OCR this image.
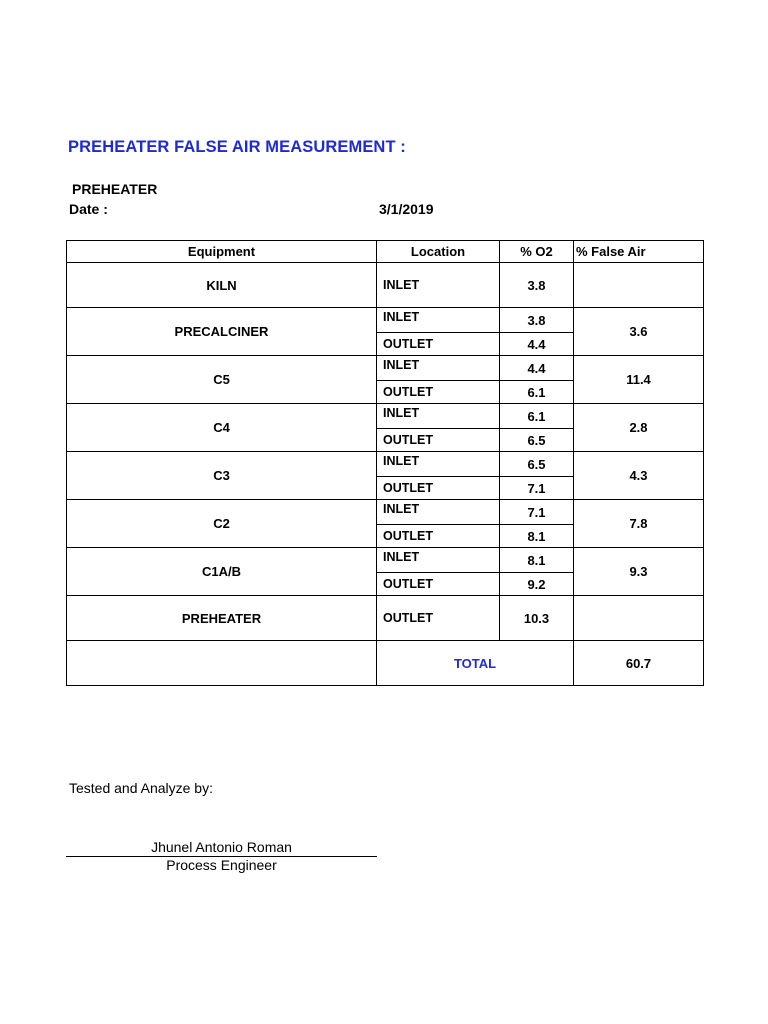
PREHEATER FALSE AIR MEASUREMENT :
PREHEATER
Date :	3/1/2019
Equipment	Location	% O2	% False Air
KILN	INLET	3.8	
PRECALCINER	INLET	3.8	3.6
	OUTLET	4.4	
C5	INLET	4.4	11.4
	OUTLET	6.1	
C4	INLET	6.1	2.8
	OUTLET	6.5	
C3	INLET	6.5	4.3
	OUTLET	7.1	
C2	INLET	7.1	7.8
	OUTLET	8.1	
C1A/B	INLET	8.1	9.3
	OUTLET	9.2	
PREHEATER	OUTLET	10.3	
	TOTAL		60.7
Tested and Analyze by:
Jhunel Antonio Roman
Process Engineer
